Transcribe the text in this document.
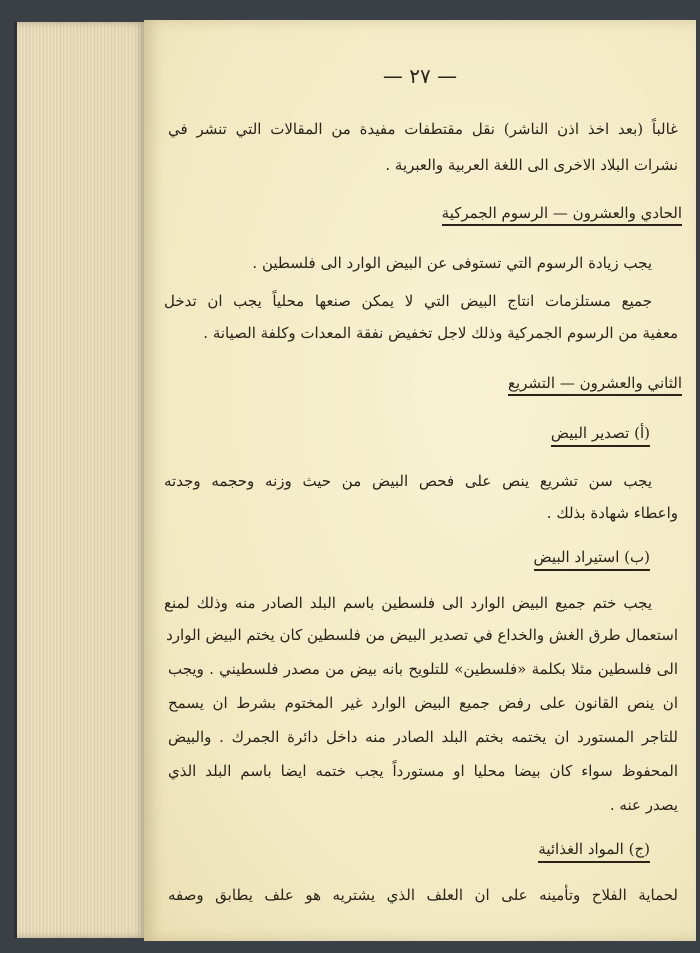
— ٢٧ —
غالباً (بعد اخذ اذن الناشر) نقل مقتطفات مفيدة من المقالات التي تنشر في
نشرات البلاد الاخرى الى اللغة العربية والعبرية .
الحادي والعشرون — الرسوم الجمركية
يجب زيادة الرسوم التي تستوفى عن البيض الوارد الى فلسطين .
جميع مستلزمات انتاج البيض التي لا يمكن صنعها محلياً يجب ان تدخل
معفية من الرسوم الجمركية وذلك لاجل تخفيض نفقة المعدات وكلفة الصيانة .
الثاني والعشرون — التشريع
(أ) تصدير البيض
يجب سن تشريع ينص على فحص البيض من حيث وزنه وحجمه وجدته
واعطاء شهادة بذلك .
(ب) استيراد البيض
يجب ختم جميع البيض الوارد الى فلسطين باسم البلد الصادر منه وذلك لمنع
استعمال طرق الغش والخداع في تصدير البيض من فلسطين كان يختم البيض الوارد
الى فلسطين مثلا بكلمة «فلسطين» للتلويح بانه بيض من مصدر فلسطيني . ويجب
ان ينص القانون على رفض جميع البيض الوارد غير المختوم بشرط ان يسمح
للتاجر المستورد ان يختمه بختم البلد الصادر منه داخل دائرة الجمرك . والبيض
المحفوظ سواء كان بيضا محليا او مستورداً يجب ختمه ايضا باسم البلد الذي
يصدر عنه .
(ج) المواد الغذائية
لحماية الفلاح وتأمينه على ان العلف الذي يشتريه هو علف يطابق وصفه
